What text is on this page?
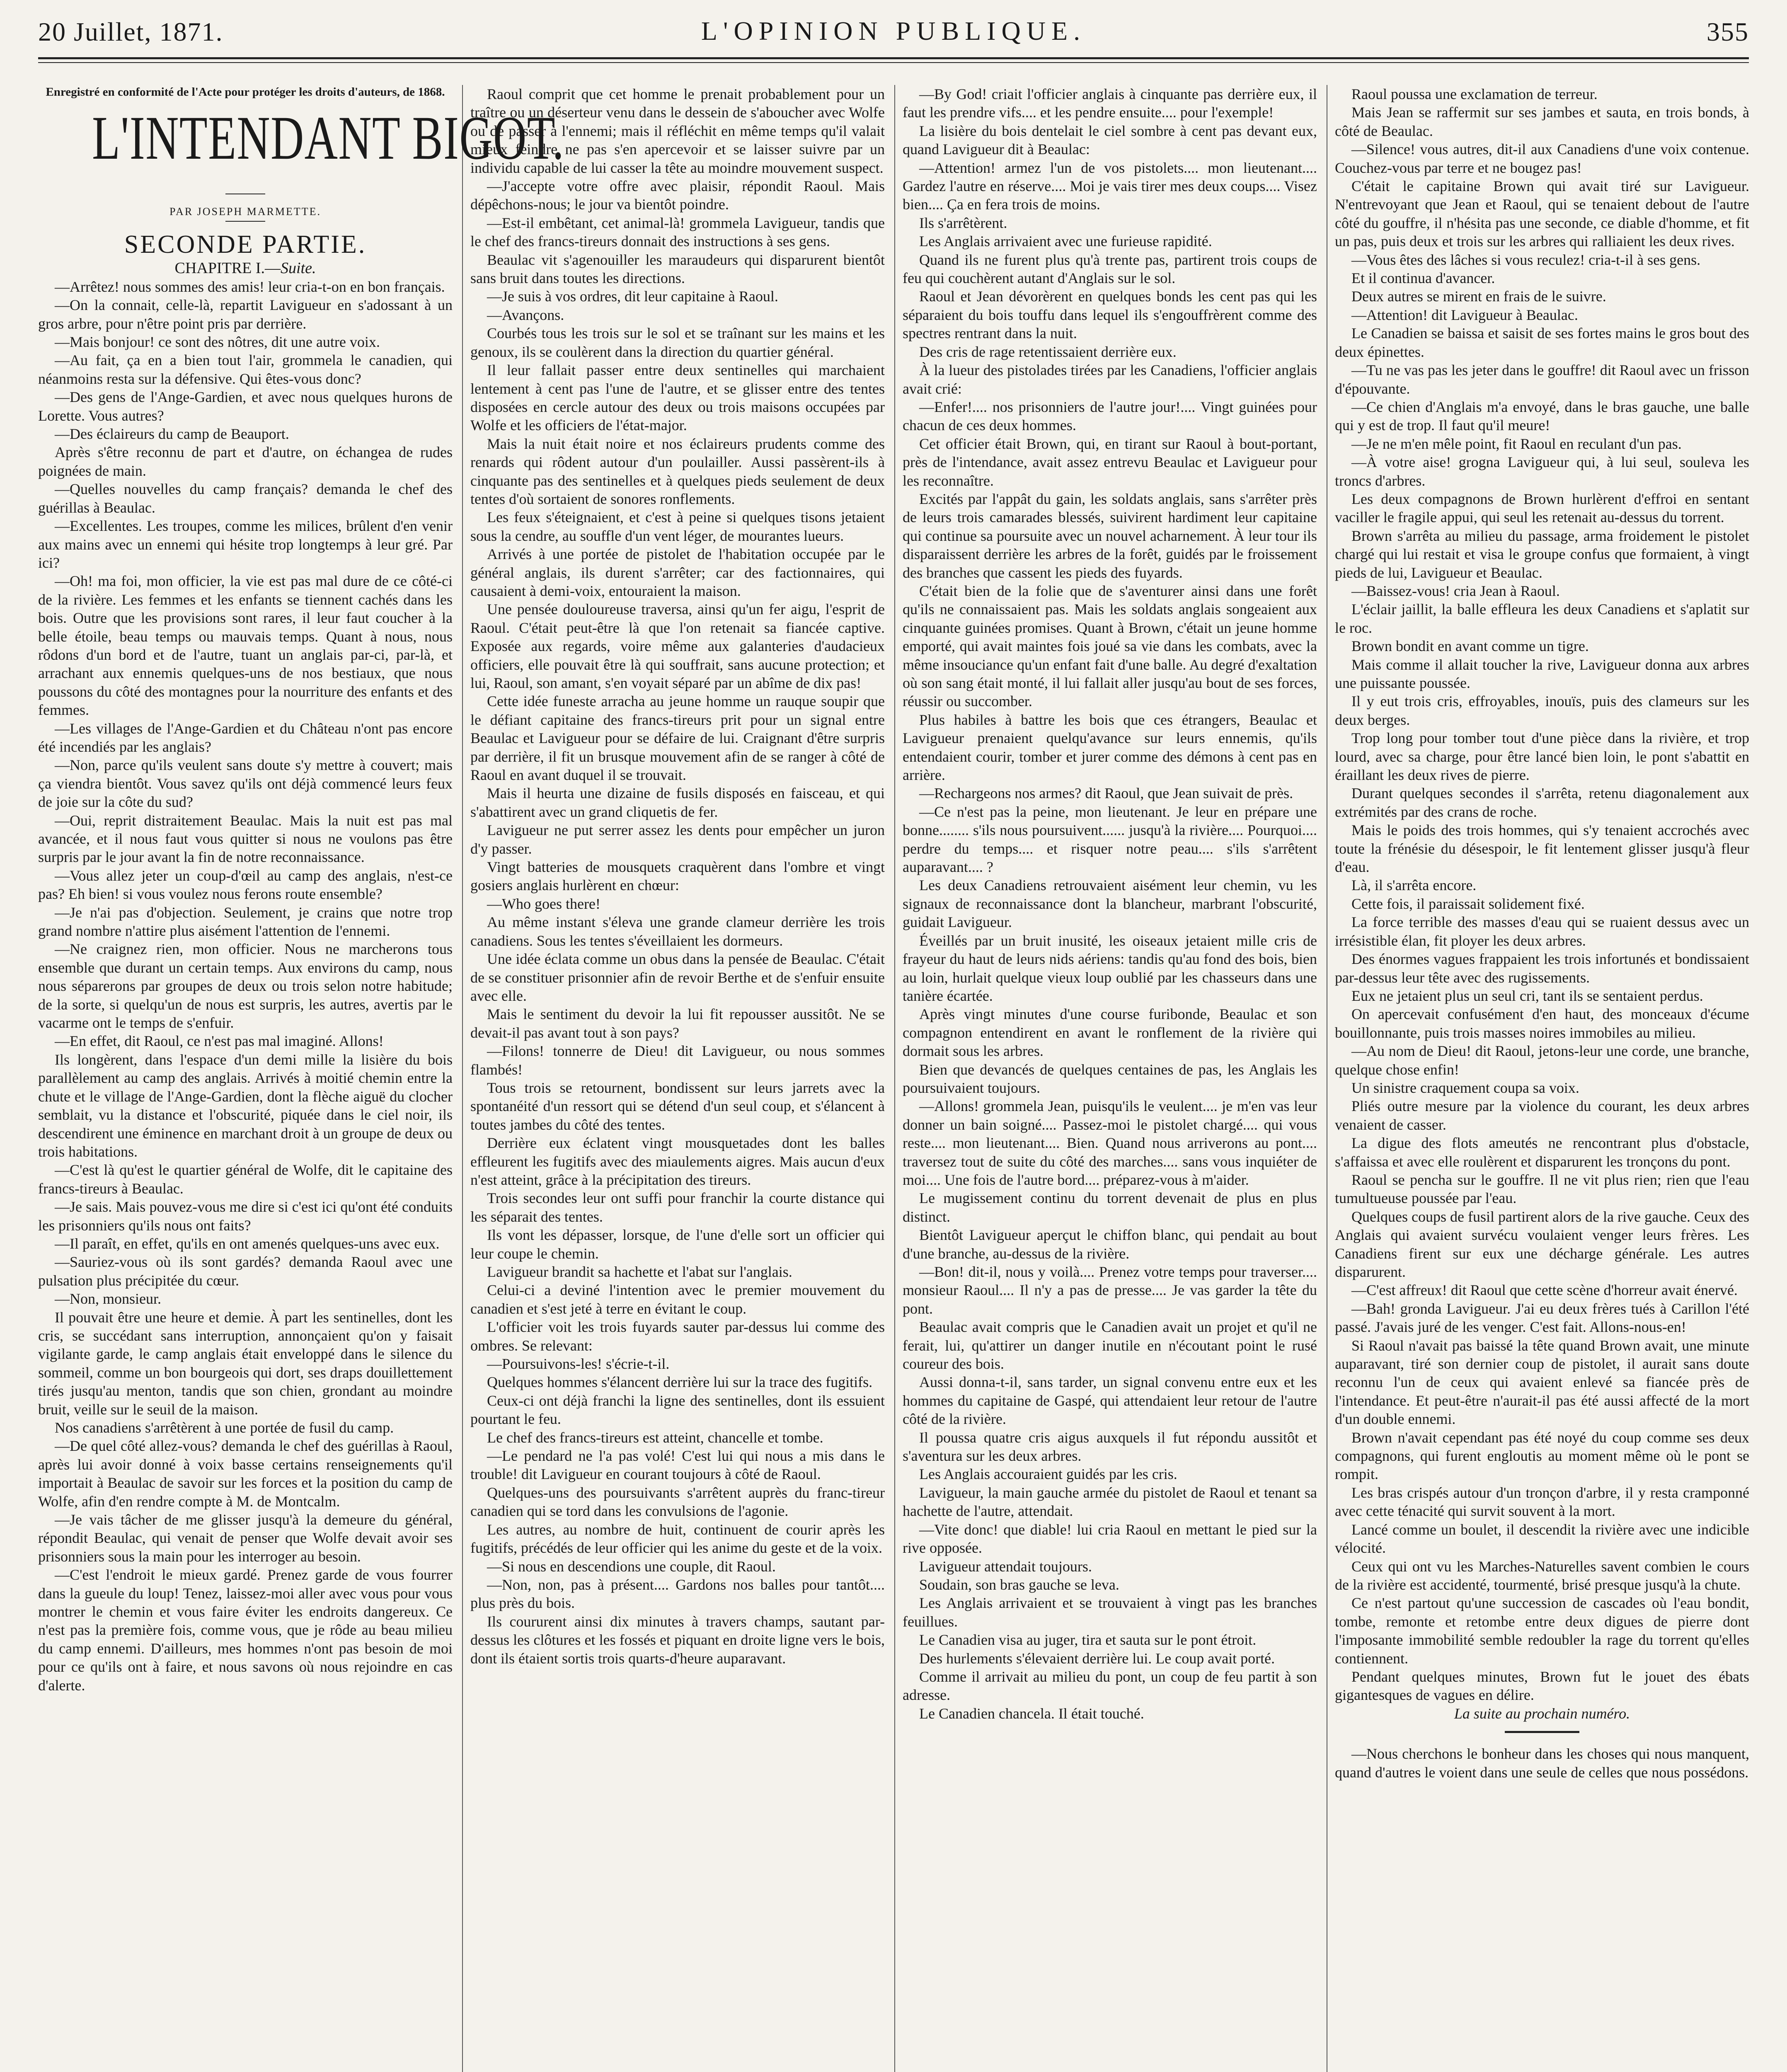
20 Juillet, 1871.	L'OPINION PUBLIQUE.	355

Enregistré en conformité de l'Acte pour protéger les droits d'auteurs, de 1868.

L'INTENDANT BIGOT.

PAR JOSEPH MARMETTE.

SECONDE PARTIE.

CHAPITRE I.—Suite.

—Arrêtez! nous sommes des amis! leur cria-t-on en bon français.

—On la connait, celle-là, repartit Lavigueur en s'adossant à un gros arbre, pour n'être point pris par derrière.

—Mais bonjour! ce sont des nôtres, dit une autre voix.

—Au fait, ça en a bien tout l'air, grommela le canadien, qui néanmoins resta sur la défensive. Qui êtes-vous donc?

—Des gens de l'Ange-Gardien, et avec nous quelques hurons de Lorette. Vous autres?

—Des éclaireurs du camp de Beauport.

Après s'être reconnu de part et d'autre, on échangea de rudes poignées de main.

—Quelles nouvelles du camp français? demanda le chef des guérillas à Beaulac.

—Excellentes. Les troupes, comme les milices, brûlent d'en venir aux mains avec un ennemi qui hésite trop longtemps à leur gré. Par ici?

—Oh! ma foi, mon officier, la vie est pas mal dure de ce côté-ci de la rivière. Les femmes et les enfants se tiennent cachés dans les bois. Outre que les provisions sont rares, il leur faut coucher à la belle étoile, beau temps ou mauvais temps. Quant à nous, nous rôdons d'un bord et de l'autre, tuant un anglais par-ci, par-là, et arrachant aux ennemis quelques-uns de nos bestiaux, que nous poussons du côté des montagnes pour la nourriture des enfants et des femmes.

—Les villages de l'Ange-Gardien et du Château n'ont pas encore été incendiés par les anglais?

—Non, parce qu'ils veulent sans doute s'y mettre à couvert; mais ça viendra bientôt. Vous savez qu'ils ont déjà commencé leurs feux de joie sur la côte du sud?

—Oui, reprit distraitement Beaulac. Mais la nuit est pas mal avancée, et il nous faut vous quitter si nous ne voulons pas être surpris par le jour avant la fin de notre reconnaissance.

—Vous allez jeter un coup-d'œil au camp des anglais, n'est-ce pas? Eh bien! si vous voulez nous ferons route ensemble?

—Je n'ai pas d'objection. Seulement, je crains que notre trop grand nombre n'attire plus aisément l'attention de l'ennemi.

—Ne craignez rien, mon officier. Nous ne marcherons tous ensemble que durant un certain temps. Aux environs du camp, nous nous séparerons par groupes de deux ou trois selon notre habitude; de la sorte, si quelqu'un de nous est surpris, les autres, avertis par le vacarme ont le temps de s'enfuir.

—En effet, dit Raoul, ce n'est pas mal imaginé. Allons!

Ils longèrent, dans l'espace d'un demi mille la lisière du bois parallèlement au camp des anglais. Arrivés à moitié chemin entre la chute et le village de l'Ange-Gardien, dont la flèche aiguë du clocher semblait, vu la distance et l'obscurité, piquée dans le ciel noir, ils descendirent une éminence en marchant droit à un groupe de deux ou trois habitations.

—C'est là qu'est le quartier général de Wolfe, dit le capitaine des francs-tireurs à Beaulac.

—Je sais. Mais pouvez-vous me dire si c'est ici qu'ont été conduits les prisonniers qu'ils nous ont faits?

—Il paraît, en effet, qu'ils en ont amenés quelques-uns avec eux.

—Sauriez-vous où ils sont gardés? demanda Raoul avec une pulsation plus précipitée du cœur.

—Non, monsieur.

Il pouvait être une heure et demie. À part les sentinelles, dont les cris, se succédant sans interruption, annonçaient qu'on y faisait vigilante garde, le camp anglais était enveloppé dans le silence du sommeil, comme un bon bourgeois qui dort, ses draps douillettement tirés jusqu'au menton, tandis que son chien, grondant au moindre bruit, veille sur le seuil de la maison.

Nos canadiens s'arrêtèrent à une portée de fusil du camp.

—De quel côté allez-vous? demanda le chef des guérillas à Raoul, après lui avoir donné à voix basse certains renseignements qu'il importait à Beaulac de savoir sur les forces et la position du camp de Wolfe, afin d'en rendre compte à M. de Montcalm.

—Je vais tâcher de me glisser jusqu'à la demeure du général, répondit Beaulac, qui venait de penser que Wolfe devait avoir ses prisonniers sous la main pour les interroger au besoin.

—C'est l'endroit le mieux gardé. Prenez garde de vous fourrer dans la gueule du loup! Tenez, laissez-moi aller avec vous pour vous montrer le chemin et vous faire éviter les endroits dangereux. Ce n'est pas la première fois, comme vous, que je rôde au beau milieu du camp ennemi. D'ailleurs, mes hommes n'ont pas besoin de moi pour ce qu'ils ont à faire, et nous savons où nous rejoindre en cas d'alerte.

Raoul comprit que cet homme le prenait probablement pour un traître ou un déserteur venu dans le dessein de s'aboucher avec Wolfe ou de passer à l'ennemi; mais il réfléchit en même temps qu'il valait mieux feindre ne pas s'en apercevoir et se laisser suivre par un individu capable de lui casser la tête au moindre mouvement suspect.

—J'accepte votre offre avec plaisir, répondit Raoul. Mais dépêchons-nous; le jour va bientôt poindre.

—Est-il embêtant, cet animal-là! grommela Lavigueur, tandis que le chef des francs-tireurs donnait des instructions à ses gens.

Beaulac vit s'agenouiller les maraudeurs qui disparurent bientôt sans bruit dans toutes les directions.

—Je suis à vos ordres, dit leur capitaine à Raoul.

—Avançons.

Courbés tous les trois sur le sol et se traînant sur les mains et les genoux, ils se coulèrent dans la direction du quartier général.

Il leur fallait passer entre deux sentinelles qui marchaient lentement à cent pas l'une de l'autre, et se glisser entre des tentes disposées en cercle autour des deux ou trois maisons occupées par Wolfe et les officiers de l'état-major.

Mais la nuit était noire et nos éclaireurs prudents comme des renards qui rôdent autour d'un poulailler. Aussi passèrent-ils à cinquante pas des sentinelles et à quelques pieds seulement de deux tentes d'où sortaient de sonores ronflements.

Les feux s'éteignaient, et c'est à peine si quelques tisons jetaient sous la cendre, au souffle d'un vent léger, de mourantes lueurs.

Arrivés à une portée de pistolet de l'habitation occupée par le général anglais, ils durent s'arrêter; car des factionnaires, qui causaient à demi-voix, entouraient la maison.

Une pensée douloureuse traversa, ainsi qu'un fer aigu, l'esprit de Raoul. C'était peut-être là que l'on retenait sa fiancée captive. Exposée aux regards, voire même aux galanteries d'audacieux officiers, elle pouvait être là qui souffrait, sans aucune protection; et lui, Raoul, son amant, s'en voyait séparé par un abîme de dix pas!

Cette idée funeste arracha au jeune homme un rauque soupir que le défiant capitaine des francs-tireurs prit pour un signal entre Beaulac et Lavigueur pour se défaire de lui. Craignant d'être surpris par derrière, il fit un brusque mouvement afin de se ranger à côté de Raoul en avant duquel il se trouvait.

Mais il heurta une dizaine de fusils disposés en faisceau, et qui s'abattirent avec un grand cliquetis de fer.

Lavigueur ne put serrer assez les dents pour empêcher un juron d'y passer.

Vingt batteries de mousquets craquèrent dans l'ombre et vingt gosiers anglais hurlèrent en chœur:

—Who goes there!

Au même instant s'éleva une grande clameur derrière les trois canadiens. Sous les tentes s'éveillaient les dormeurs.

Une idée éclata comme un obus dans la pensée de Beaulac. C'était de se constituer prisonnier afin de revoir Berthe et de s'enfuir ensuite avec elle.

Mais le sentiment du devoir la lui fit repousser aussitôt. Ne se devait-il pas avant tout à son pays?

—Filons! tonnerre de Dieu! dit Lavigueur, ou nous sommes flambés!

Tous trois se retournent, bondissent sur leurs jarrets avec la spontanéité d'un ressort qui se détend d'un seul coup, et s'élancent à toutes jambes du côté des tentes.

Derrière eux éclatent vingt mousquetades dont les balles effleurent les fugitifs avec des miaulements aigres. Mais aucun d'eux n'est atteint, grâce à la précipitation des tireurs.

Trois secondes leur ont suffi pour franchir la courte distance qui les séparait des tentes.

Ils vont les dépasser, lorsque, de l'une d'elle sort un officier qui leur coupe le chemin.

Lavigueur brandit sa hachette et l'abat sur l'anglais.

Celui-ci a deviné l'intention avec le premier mouvement du canadien et s'est jeté à terre en évitant le coup.

L'officier voit les trois fuyards sauter par-dessus lui comme des ombres. Se relevant:

—Poursuivons-les! s'écrie-t-il.

Quelques hommes s'élancent derrière lui sur la trace des fugitifs.

Ceux-ci ont déjà franchi la ligne des sentinelles, dont ils essuient pourtant le feu.

Le chef des francs-tireurs est atteint, chancelle et tombe.

—Le pendard ne l'a pas volé! C'est lui qui nous a mis dans le trouble! dit Lavigueur en courant toujours à côté de Raoul.

Quelques-uns des poursuivants s'arrêtent auprès du franc-tireur canadien qui se tord dans les convulsions de l'agonie.

Les autres, au nombre de huit, continuent de courir après les fugitifs, précédés de leur officier qui les anime du geste et de la voix.

—Si nous en descendions une couple, dit Raoul.

—Non, non, pas à présent.... Gardons nos balles pour tantôt.... plus près du bois.

Ils coururent ainsi dix minutes à travers champs, sautant par-dessus les clôtures et les fossés et piquant en droite ligne vers le bois, dont ils étaient sortis trois quarts-d'heure auparavant.

—By God! criait l'officier anglais à cinquante pas derrière eux, il faut les prendre vifs.... et les pendre ensuite.... pour l'exemple!

La lisière du bois dentelait le ciel sombre à cent pas devant eux, quand Lavigueur dit à Beaulac:

—Attention! armez l'un de vos pistolets.... mon lieutenant.... Gardez l'autre en réserve.... Moi je vais tirer mes deux coups.... Visez bien.... Ça en fera trois de moins.

Ils s'arrêtèrent.

Les Anglais arrivaient avec une furieuse rapidité.

Quand ils ne furent plus qu'à trente pas, partirent trois coups de feu qui couchèrent autant d'Anglais sur le sol.

Raoul et Jean dévorèrent en quelques bonds les cent pas qui les séparaient du bois touffu dans lequel ils s'engouffrèrent comme des spectres rentrant dans la nuit.

Des cris de rage retentissaient derrière eux.

À la lueur des pistolades tirées par les Canadiens, l'officier anglais avait crié:

—Enfer!.... nos prisonniers de l'autre jour!.... Vingt guinées pour chacun de ces deux hommes.

Cet officier était Brown, qui, en tirant sur Raoul à bout-portant, près de l'intendance, avait assez entrevu Beaulac et Lavigueur pour les reconnaître.

Excités par l'appât du gain, les soldats anglais, sans s'arrêter près de leurs trois camarades blessés, suivirent hardiment leur capitaine qui continue sa poursuite avec un nouvel acharnement. À leur tour ils disparaissent derrière les arbres de la forêt, guidés par le froissement des branches que cassent les pieds des fuyards.

C'était bien de la folie que de s'aventurer ainsi dans une forêt qu'ils ne connaissaient pas. Mais les soldats anglais songeaient aux cinquante guinées promises. Quant à Brown, c'était un jeune homme emporté, qui avait maintes fois joué sa vie dans les combats, avec la même insouciance qu'un enfant fait d'une balle. Au degré d'exaltation où son sang était monté, il lui fallait aller jusqu'au bout de ses forces, réussir ou succomber.

Plus habiles à battre les bois que ces étrangers, Beaulac et Lavigueur prenaient quelqu'avance sur leurs ennemis, qu'ils entendaient courir, tomber et jurer comme des démons à cent pas en arrière.

—Rechargeons nos armes? dit Raoul, que Jean suivait de près.

—Ce n'est pas la peine, mon lieutenant. Je leur en prépare une bonne........ s'ils nous poursuivent...... jusqu'à la rivière.... Pourquoi.... perdre du temps.... et risquer notre peau.... s'ils s'arrêtent auparavant.... ?

Les deux Canadiens retrouvaient aisément leur chemin, vu les signaux de reconnaissance dont la blancheur, marbrant l'obscurité, guidait Lavigueur.

Éveillés par un bruit inusité, les oiseaux jetaient mille cris de frayeur du haut de leurs nids aériens: tandis qu'au fond des bois, bien au loin, hurlait quelque vieux loup oublié par les chasseurs dans une tanière écartée.

Après vingt minutes d'une course furibonde, Beaulac et son compagnon entendirent en avant le ronflement de la rivière qui dormait sous les arbres.

Bien que devancés de quelques centaines de pas, les Anglais les poursuivaient toujours.

—Allons! grommela Jean, puisqu'ils le veulent.... je m'en vas leur donner un bain soigné.... Passez-moi le pistolet chargé.... qui vous reste.... mon lieutenant.... Bien. Quand nous arriverons au pont.... traversez tout de suite du côté des marches.... sans vous inquiéter de moi.... Une fois de l'autre bord.... préparez-vous à m'aider.

Le mugissement continu du torrent devenait de plus en plus distinct.

Bientôt Lavigueur aperçut le chiffon blanc, qui pendait au bout d'une branche, au-dessus de la rivière.

—Bon! dit-il, nous y voilà.... Prenez votre temps pour traverser.... monsieur Raoul.... Il n'y a pas de presse.... Je vas garder la tête du pont.

Beaulac avait compris que le Canadien avait un projet et qu'il ne ferait, lui, qu'attirer un danger inutile en n'écoutant point le rusé coureur des bois.

Aussi donna-t-il, sans tarder, un signal convenu entre eux et les hommes du capitaine de Gaspé, qui attendaient leur retour de l'autre côté de la rivière.

Il poussa quatre cris aigus auxquels il fut répondu aussitôt et s'aventura sur les deux arbres.

Les Anglais accouraient guidés par les cris.

Lavigueur, la main gauche armée du pistolet de Raoul et tenant sa hachette de l'autre, attendait.

—Vite donc! que diable! lui cria Raoul en mettant le pied sur la rive opposée.

Lavigueur attendait toujours.

Soudain, son bras gauche se leva.

Les Anglais arrivaient et se trouvaient à vingt pas les branches feuillues.

Le Canadien visa au juger, tira et sauta sur le pont étroit.

Des hurlements s'élevaient derrière lui. Le coup avait porté.

Comme il arrivait au milieu du pont, un coup de feu partit à son adresse.

Le Canadien chancela. Il était touché.

Raoul poussa une exclamation de terreur.

Mais Jean se raffermit sur ses jambes et sauta, en trois bonds, à côté de Beaulac.

—Silence! vous autres, dit-il aux Canadiens d'une voix contenue. Couchez-vous par terre et ne bougez pas!

C'était le capitaine Brown qui avait tiré sur Lavigueur. N'entrevoyant que Jean et Raoul, qui se tenaient debout de l'autre côté du gouffre, il n'hésita pas une seconde, ce diable d'homme, et fit un pas, puis deux et trois sur les arbres qui ralliaient les deux rives.

—Vous êtes des lâches si vous reculez! cria-t-il à ses gens.

Et il continua d'avancer.

Deux autres se mirent en frais de le suivre.

—Attention! dit Lavigueur à Beaulac.

Le Canadien se baissa et saisit de ses fortes mains le gros bout des deux épinettes.

—Tu ne vas pas les jeter dans le gouffre! dit Raoul avec un frisson d'épouvante.

—Ce chien d'Anglais m'a envoyé, dans le bras gauche, une balle qui y est de trop. Il faut qu'il meure!

—Je ne m'en mêle point, fit Raoul en reculant d'un pas.

—À votre aise! grogna Lavigueur qui, à lui seul, souleva les troncs d'arbres.

Les deux compagnons de Brown hurlèrent d'effroi en sentant vaciller le fragile appui, qui seul les retenait au-dessus du torrent.

Brown s'arrêta au milieu du passage, arma froidement le pistolet chargé qui lui restait et visa le groupe confus que formaient, à vingt pieds de lui, Lavigueur et Beaulac.

—Baissez-vous! cria Jean à Raoul.

L'éclair jaillit, la balle effleura les deux Canadiens et s'aplatit sur le roc.

Brown bondit en avant comme un tigre.

Mais comme il allait toucher la rive, Lavigueur donna aux arbres une puissante poussée.

Il y eut trois cris, effroyables, inouïs, puis des clameurs sur les deux berges.

Trop long pour tomber tout d'une pièce dans la rivière, et trop lourd, avec sa charge, pour être lancé bien loin, le pont s'abattit en éraillant les deux rives de pierre.

Durant quelques secondes il s'arrêta, retenu diagonalement aux extrémités par des crans de roche.

Mais le poids des trois hommes, qui s'y tenaient accrochés avec toute la frénésie du désespoir, le fit lentement glisser jusqu'à fleur d'eau.

Là, il s'arrêta encore.

Cette fois, il paraissait solidement fixé.

La force terrible des masses d'eau qui se ruaient dessus avec un irrésistible élan, fit ployer les deux arbres.

Des énormes vagues frappaient les trois infortunés et bondissaient par-dessus leur tête avec des rugissements.

Eux ne jetaient plus un seul cri, tant ils se sentaient perdus.

On apercevait confusément d'en haut, des monceaux d'écume bouillonnante, puis trois masses noires immobiles au milieu.

—Au nom de Dieu! dit Raoul, jetons-leur une corde, une branche, quelque chose enfin!

Un sinistre craquement coupa sa voix.

Pliés outre mesure par la violence du courant, les deux arbres venaient de casser.

La digue des flots ameutés ne rencontrant plus d'obstacle, s'affaissa et avec elle roulèrent et disparurent les tronçons du pont.

Raoul se pencha sur le gouffre. Il ne vit plus rien; rien que l'eau tumultueuse poussée par l'eau.

Quelques coups de fusil partirent alors de la rive gauche. Ceux des Anglais qui avaient survécu voulaient venger leurs frères. Les Canadiens firent sur eux une décharge générale. Les autres disparurent.

—C'est affreux! dit Raoul que cette scène d'horreur avait énervé.

—Bah! gronda Lavigueur. J'ai eu deux frères tués à Carillon l'été passé. J'avais juré de les venger. C'est fait. Allons-nous-en!

Si Raoul n'avait pas baissé la tête quand Brown avait, une minute auparavant, tiré son dernier coup de pistolet, il aurait sans doute reconnu l'un de ceux qui avaient enlevé sa fiancée près de l'intendance. Et peut-être n'aurait-il pas été aussi affecté de la mort d'un double ennemi.

Brown n'avait cependant pas été noyé du coup comme ses deux compagnons, qui furent engloutis au moment même où le pont se rompit.

Les bras crispés autour d'un tronçon d'arbre, il y resta cramponné avec cette ténacité qui survit souvent à la mort.

Lancé comme un boulet, il descendit la rivière avec une indicible vélocité.

Ceux qui ont vu les Marches-Naturelles savent combien le cours de la rivière est accidenté, tourmenté, brisé presque jusqu'à la chute.

Ce n'est partout qu'une succession de cascades où l'eau bondit, tombe, remonte et retombe entre deux digues de pierre dont l'imposante immobilité semble redoubler la rage du torrent qu'elles contiennent.

Pendant quelques minutes, Brown fut le jouet des ébats gigantesques de vagues en délire.

La suite au prochain numéro.

—Nous cherchons le bonheur dans les choses qui nous manquent, quand d'autres le voient dans une seule de celles que nous possédons.
